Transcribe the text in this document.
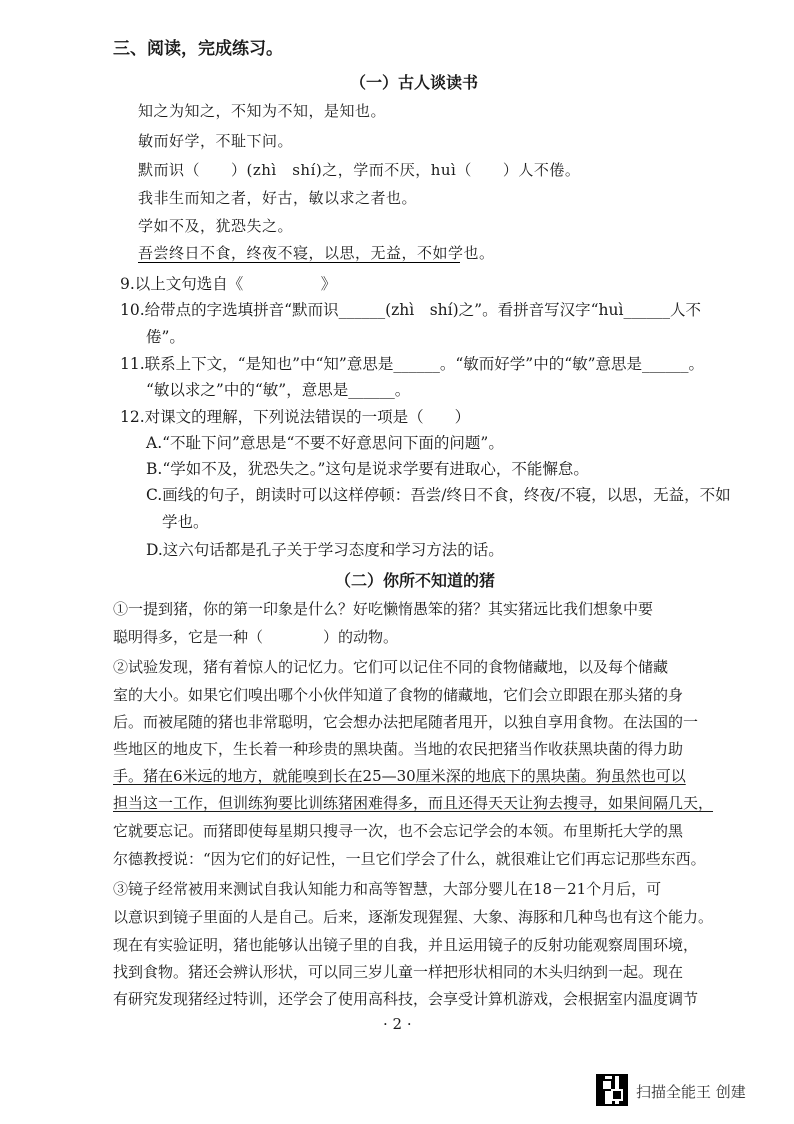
三、阅读，完成练习。
（一）古人谈读书
知之为知之，不知为不知，是知也。
敏而好学，不耻下问。
默而识（　　）(zhì　shí)之，学而不厌，huì（　　）人不倦。
我非生而知之者，好古，敏以求之者也。
学如不及，犹恐失之。
吾尝终日不食，终夜不寝，以思，无益，不如学也。
9.以上文句选自《　　　　　》
10.给带点的字选填拼音“默而识______(zhì　shí)之”。看拼音写汉字“huì______人不
倦”。
11.联系上下文，“是知也”中“知”意思是______。“敏而好学”中的“敏”意思是______。
“敏以求之”中的“敏”，意思是______。
12.对课文的理解，下列说法错误的一项是（　　）
A.“不耻下问”意思是“不要不好意思问下面的问题”。
B.“学如不及，犹恐失之。”这句是说求学要有进取心，不能懈怠。
C.画线的句子，朗读时可以这样停顿：吾尝/终日不食，终夜/不寝，以思，无益，不如
学也。
D.这六句话都是孔子关于学习态度和学习方法的话。
（二）你所不知道的猪
①一提到猪，你的第一印象是什么？好吃懒惰愚笨的猪？其实猪远比我们想象中要
聪明得多，它是一种（　　　　）的动物。
②试验发现，猪有着惊人的记忆力。它们可以记住不同的食物储藏地，以及每个储藏
室的大小。如果它们嗅出哪个小伙伴知道了食物的储藏地，它们会立即跟在那头猪的身
后。而被尾随的猪也非常聪明，它会想办法把尾随者甩开，以独自享用食物。在法国的一
些地区的地皮下，生长着一种珍贵的黑块菌。当地的农民把猪当作收获黑块菌的得力助
手。猪在6米远的地方，就能嗅到长在25—30厘米深的地底下的黑块菌。狗虽然也可以
担当这一工作，但训练狗要比训练猪困难得多，而且还得天天让狗去搜寻，如果间隔几天，
它就要忘记。而猪即使每星期只搜寻一次，也不会忘记学会的本领。布里斯托大学的黑
尔德教授说：“因为它们的好记性，一旦它们学会了什么，就很难让它们再忘记那些东西。
③镜子经常被用来测试自我认知能力和高等智慧，大部分婴儿在18－21个月后，可
以意识到镜子里面的人是自己。后来，逐渐发现猩猩、大象、海豚和几种鸟也有这个能力。
现在有实验证明，猪也能够认出镜子里的自我，并且运用镜子的反射功能观察周围环境，
找到食物。猪还会辨认形状，可以同三岁儿童一样把形状相同的木头归纳到一起。现在
有研究发现猪经过特训，还学会了使用高科技，会享受计算机游戏，会根据室内温度调节
· 2 ·
扫描全能王 创建
